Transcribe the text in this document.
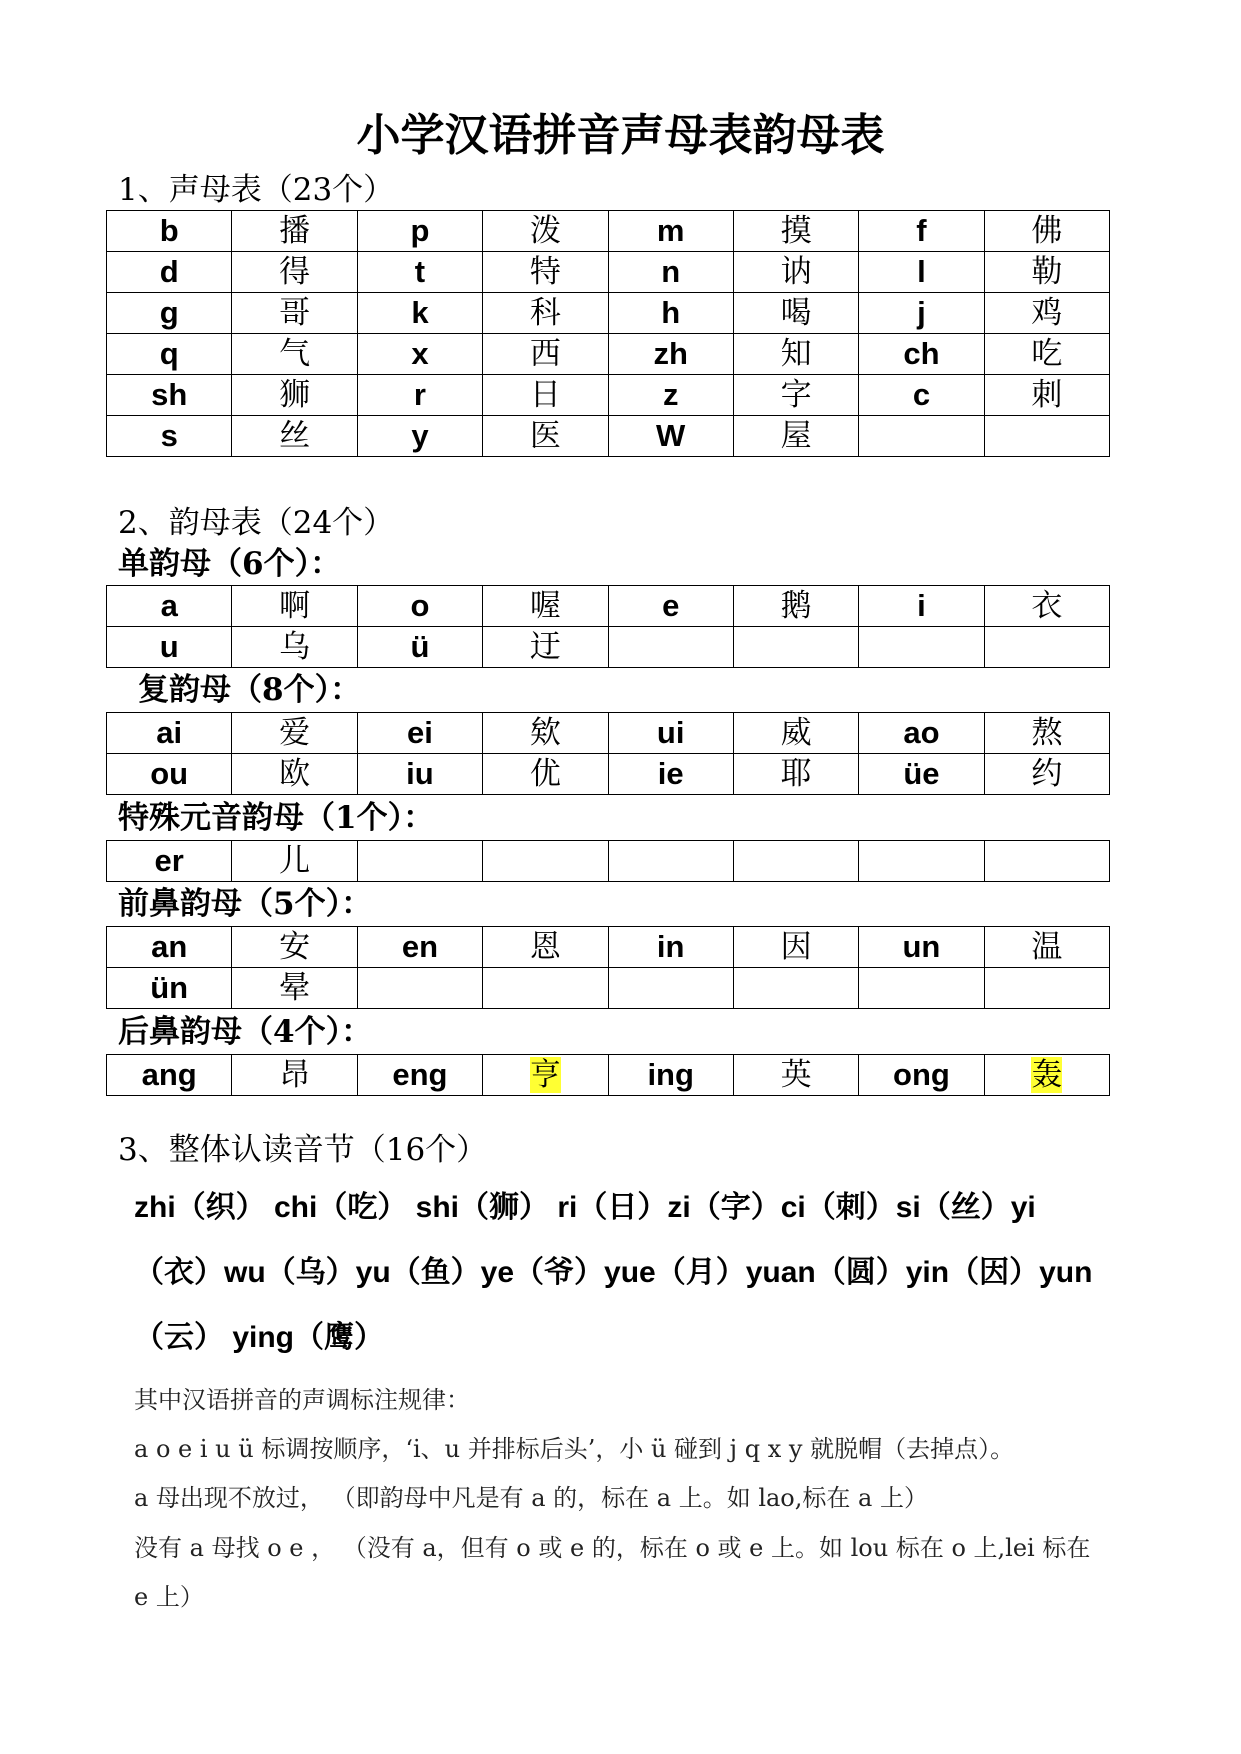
小学汉语拼音声母表韵母表
1、声母表（23个）
b	播	p	泼	m	摸	f	佛
d	得	t	特	n	讷	l	勒
g	哥	k	科	h	喝	j	鸡
q	气	x	西	zh	知	ch	吃
sh	狮	r	日	z	字	c	刺
s	丝	y	医	W	屋		
2、韵母表（24个）
单韵母（6个）：
a	啊	o	喔	e	鹅	i	衣
u	乌	ü	迂				
复韵母（8个）：
ai	爱	ei	欸	ui	威	ao	熬
ou	欧	iu	优	ie	耶	üe	约
特殊元音韵母（1个）：
er	儿						
前鼻韵母（5个）：
an	安	en	恩	in	因	un	温
ün	晕						
后鼻韵母（4个）：
ang	昂	eng	亨	ing	英	ong	轰
3、整体认读音节（16个）
zhi（织） chi（吃） shi（狮） ri（日）zi（字）ci（刺）si（丝）yi
（衣）wu（乌）yu（鱼）ye（爷）yue（月）yuan（圆）yin（因）yun
（云） ying（鹰）
其中汉语拼音的声调标注规律：
a o e i u ü 标调按顺序，‘i、u 并排标后头’，小 ü 碰到 j q x y 就脱帽（去掉点）。
a 母出现不放过， （即韵母中凡是有 a 的，标在 a 上。如 lao,标在 a 上）
没有 a 母找 o e ， （没有 a，但有 o 或 e 的，标在 o 或 e 上。如 lou 标在 o 上,lei 标在
e 上）
